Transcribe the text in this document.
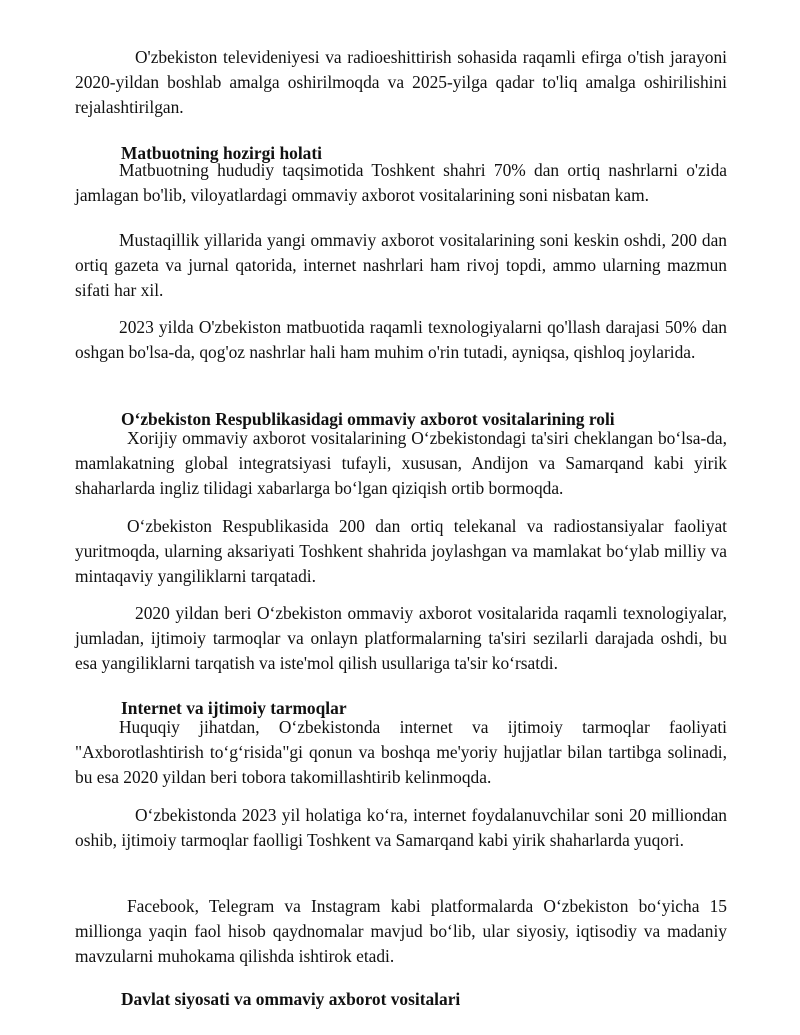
O'zbekiston televideniyesi va radioeshittirish sohasida raqamli efirga o'tish jarayoni 2020-yildan boshlab amalga oshirilmoqda va 2025-yilga qadar to'liq amalga oshirilishini rejalashtirilgan.

Matbuotning hozirgi holati

Matbuotning hududiy taqsimotida Toshkent shahri 70% dan ortiq nashrlarni o'zida jamlagan bo'lib, viloyatlardagi ommaviy axborot vositalarining soni nisbatan kam.

Mustaqillik yillarida yangi ommaviy axborot vositalarining soni keskin oshdi, 200 dan ortiq gazeta va jurnal qatorida, internet nashrlari ham rivoj topdi, ammo ularning mazmun sifati har xil.

2023 yilda O'zbekiston matbuotida raqamli texnologiyalarni qo'llash darajasi 50% dan oshgan bo'lsa-da, qog'oz nashrlar hali ham muhim o'rin tutadi, ayniqsa, qishloq joylarida.

O‘zbekiston Respublikasidagi ommaviy axborot vositalarining roli

Xorijiy ommaviy axborot vositalarining O‘zbekistondagi ta'siri cheklangan bo‘lsa-da, mamlakatning global integratsiyasi tufayli, xususan, Andijon va Samarqand kabi yirik shaharlarda ingliz tilidagi xabarlarga bo‘lgan qiziqish ortib bormoqda.

O‘zbekiston Respublikasida 200 dan ortiq telekanal va radiostansiyalar faoliyat yuritmoqda, ularning aksariyati Toshkent shahrida joylashgan va mamlakat bo‘ylab milliy va mintaqaviy yangiliklarni tarqatadi.

2020 yildan beri O‘zbekiston ommaviy axborot vositalarida raqamli texnologiyalar, jumladan, ijtimoiy tarmoqlar va onlayn platformalarning ta'siri sezilarli darajada oshdi, bu esa yangiliklarni tarqatish va iste'mol qilish usullariga ta'sir ko‘rsatdi.

Internet va ijtimoiy tarmoqlar

Huquqiy jihatdan, O‘zbekistonda internet va ijtimoiy tarmoqlar faoliyati "Axborotlashtirish to‘g‘risida"gi qonun va boshqa me'yoriy hujjatlar bilan tartibga solinadi, bu esa 2020 yildan beri tobora takomillashtirib kelinmoqda.

O‘zbekistonda 2023 yil holatiga ko‘ra, internet foydalanuvchilar soni 20 milliondan oshib, ijtimoiy tarmoqlar faolligi Toshkent va Samarqand kabi yirik shaharlarda yuqori.

Facebook, Telegram va Instagram kabi platformalarda O‘zbekiston bo‘yicha 15 millionga yaqin faol hisob qaydnomalar mavjud bo‘lib, ular siyosiy, iqtisodiy va madaniy mavzularni muhokama qilishda ishtirok etadi.

Davlat siyosati va ommaviy axborot vositalari
